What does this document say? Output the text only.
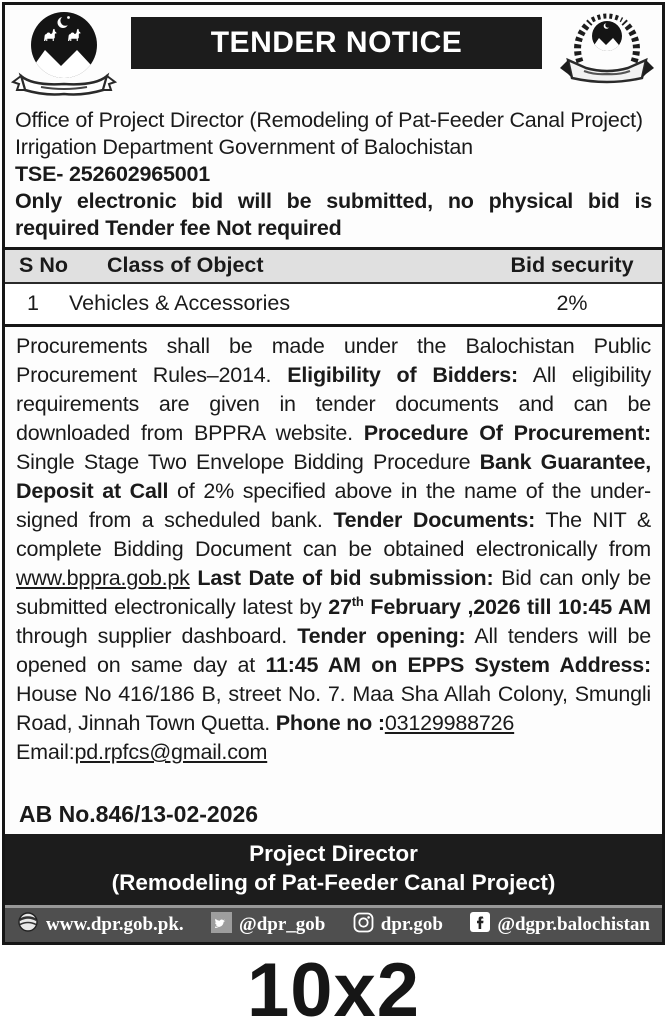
TENDER NOTICE
Office of Project Director (Remodeling of Pat-Feeder Canal Project)
Irrigation Department Government of Balochistan
TSE- 252602965001
Only electronic bid will be submitted, no physical bid is required Tender fee Not required
S No	Class of Object	Bid security
1	Vehicles & Accessories	2%
Procurements shall be made under the Balochistan Public Procurement Rules–2014. Eligibility of Bidders: All eligibility requirements are given in tender documents and can be downloaded from BPPRA website. Procedure Of Procurement: Single Stage Two Envelope Bidding Procedure Bank Guarantee, Deposit at Call of 2% specified above in the name of the under-signed from a scheduled bank. Tender Documents: The NIT & complete Bidding Document can be obtained electronically from www.bppra.gob.pk Last Date of bid submission: Bid can only be submitted electronically latest by 27th February ,2026 till 10:45 AM through supplier dashboard. Tender opening: All tenders will be opened on same day at 11:45 AM on EPPS System Address: House No 416/186 B, street No. 7. Maa Sha Allah Colony, Smungli Road, Jinnah Town Quetta. Phone no :03129988726
Email:pd.rpfcs@gmail.com
AB No.846/13-02-2026
Project Director
(Remodeling of Pat-Feeder Canal Project)
www.dpr.gob.pk.	@dpr_gob	dpr.gob	@dgpr.balochistan
10x2
